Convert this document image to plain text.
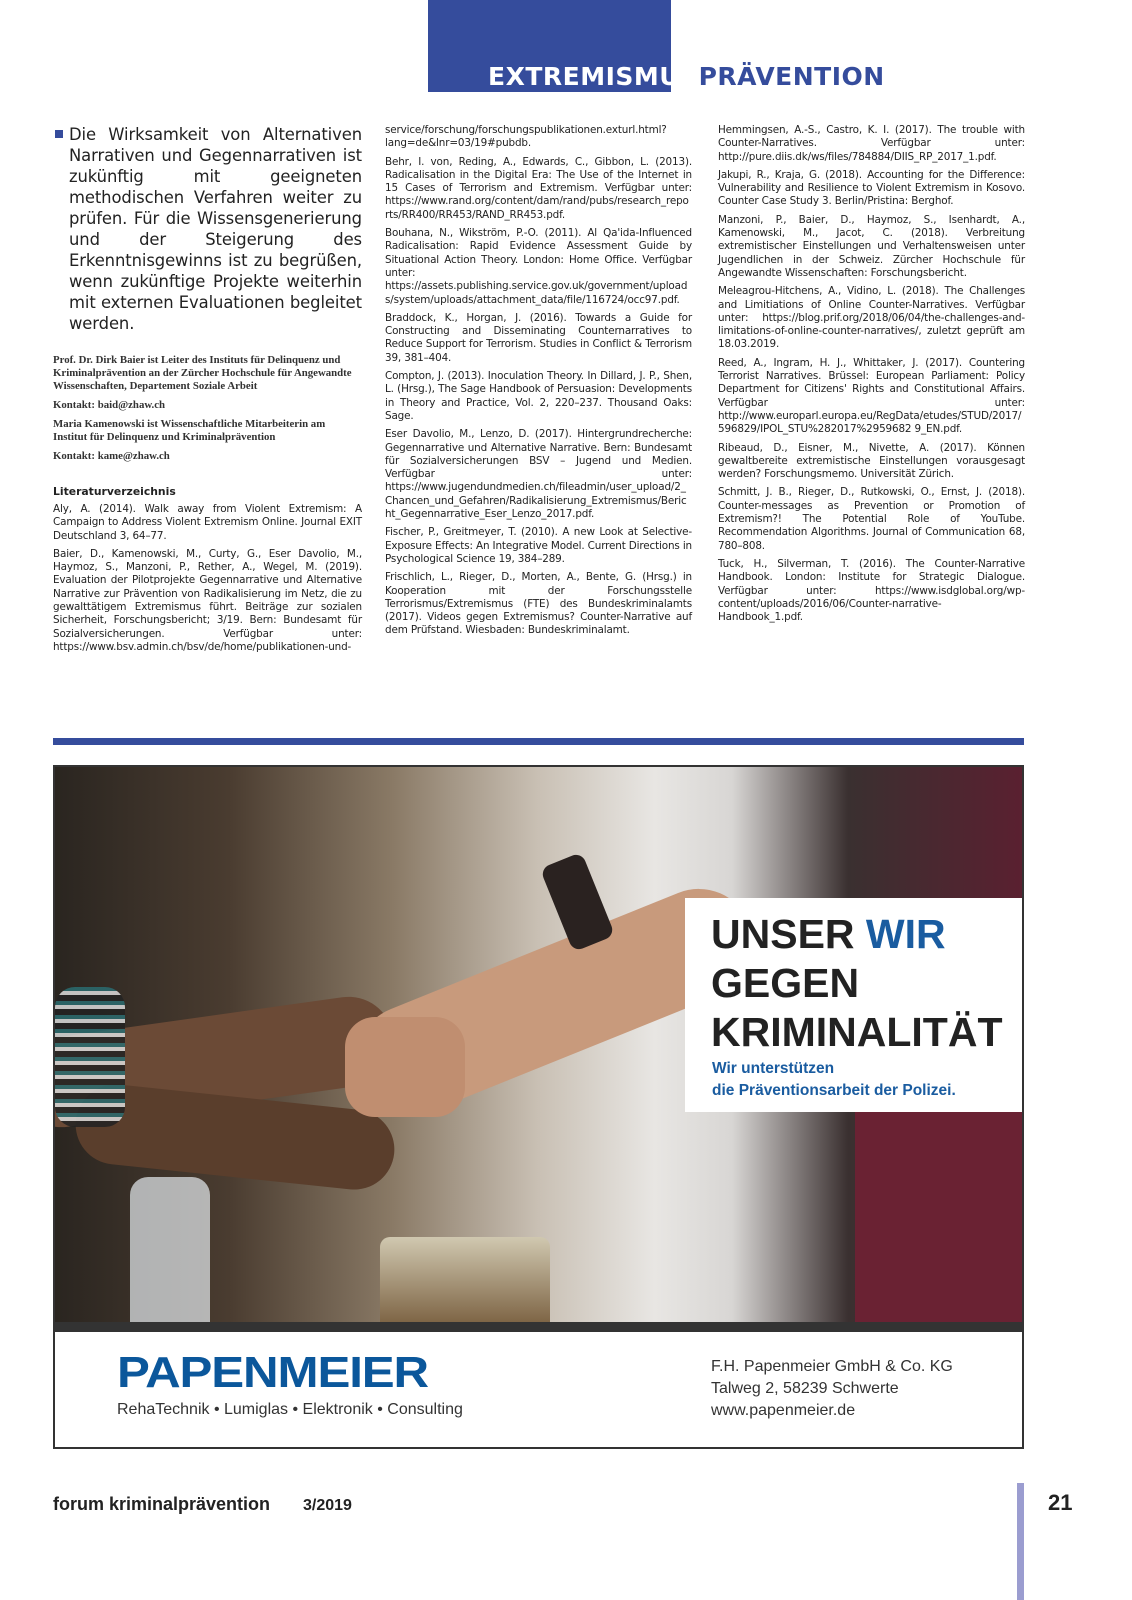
EXTREMISMUSPRÄVENTION
Die Wirksamkeit von Alternativen Narrativen und Gegennarrativen ist zukünftig mit geeigneten methodischen Verfahren weiter zu prüfen. Für die Wissensgenerierung und der Steigerung des Erkenntnisgewinns ist zu begrüßen, wenn zukünftige Projekte weiterhin mit externen Evaluationen begleitet werden.
Prof. Dr. Dirk Baier ist Leiter des Instituts für Delinquenz und Kriminalprävention an der Zürcher Hochschule für Angewandte Wissenschaften, Departement Soziale Arbeit
Kontakt: baid@zhaw.ch
Maria Kamenowski ist Wissenschaftliche Mitarbeiterin am Institut für Delinquenz und Kriminalprävention
Kontakt: kame@zhaw.ch
Literaturverzeichnis
Aly, A. (2014). Walk away from Violent Extremism: A Campaign to Address Violent Extremism Online. Journal EXIT Deutschland 3, 64–77.
Baier, D., Kamenowski, M., Curty, G., Eser Davolio, M., Haymoz, S., Manzoni, P., Rether, A., Wegel, M. (2019). Evaluation der Pilotprojekte Gegennarrative und Alternative Narrative zur Prävention von Radikalisierung im Netz, die zu gewalttätigem Extremismus führt. Beiträge zur sozialen Sicherheit, Forschungsbericht; 3/19. Bern: Bundesamt für Sozialversicherungen. Verfügbar unter: https://www.bsv.admin.ch/bsv/de/home/publikationen-und-
service/forschung/forschungspublikationen.exturl.html?lang=de&lnr=03/19#pubdb.
Behr, I. von, Reding, A., Edwards, C., Gibbon, L. (2013). Radicalisation in the Digital Era: The Use of the Internet in 15 Cases of Terrorism and Extremism. Verfügbar unter: https://www.rand.org/content/dam/rand/pubs/research_reports/RR400/RR453/RAND_RR453.pdf.
Bouhana, N., Wikström, P.-O. (2011). Al Qa'ida-Influenced Radicalisation: Rapid Evidence Assessment Guide by Situational Action Theory. London: Home Office. Verfügbar unter: https://assets.publishing.service.gov.uk/government/uploads/system/uploads/attachment_data/file/116724/occ97.pdf.
Braddock, K., Horgan, J. (2016). Towards a Guide for Constructing and Disseminating Counternarratives to Reduce Support for Terrorism. Studies in Conflict & Terrorism 39, 381–404.
Compton, J. (2013). Inoculation Theory. In Dillard, J. P., Shen, L. (Hrsg.), The Sage Handbook of Persuasion: Developments in Theory and Practice, Vol. 2, 220–237. Thousand Oaks: Sage.
Eser Davolio, M., Lenzo, D. (2017). Hintergrundrecherche: Gegennarrative und Alternative Narrative. Bern: Bundesamt für Sozialversicherungen BSV – Jugend und Medien. Verfügbar unter: https://www.jugendundmedien.ch/fileadmin/user_upload/2_Chancen_und_Gefahren/Radikalisierung_Extremismus/Bericht_Gegennarrative_Eser_Lenzo_2017.pdf.
Fischer, P., Greitmeyer, T. (2010). A new Look at Selective-Exposure Effects: An Integrative Model. Current Directions in Psychological Science 19, 384–289.
Frischlich, L., Rieger, D., Morten, A., Bente, G. (Hrsg.) in Kooperation mit der Forschungsstelle Terrorismus/Extremismus (FTE) des Bundeskriminalamts (2017). Videos gegen Extremismus? Counter-Narrative auf dem Prüfstand. Wiesbaden: Bundeskriminalamt.
Hemmingsen, A.-S., Castro, K. I. (2017). The trouble with Counter-Narratives. Verfügbar unter: http://pure.diis.dk/ws/files/784884/DIIS_RP_2017_1.pdf.
Jakupi, R., Kraja, G. (2018). Accounting for the Difference: Vulnerability and Resilience to Violent Extremism in Kosovo. Counter Case Study 3. Berlin/Pristina: Berghof.
Manzoni, P., Baier, D., Haymoz, S., Isenhardt, A., Kamenowski, M., Jacot, C. (2018). Verbreitung extremistischer Einstellungen und Verhaltensweisen unter Jugendlichen in der Schweiz. Zürcher Hochschule für Angewandte Wissenschaften: Forschungsbericht.
Meleagrou-Hitchens, A., Vidino, L. (2018). The Challenges and Limitiations of Online Counter-Narratives. Verfügbar unter: https://blog.prif.org/2018/06/04/the-challenges-and-limitations-of-online-counter-narratives/, zuletzt geprüft am 18.03.2019.
Reed, A., Ingram, H. J., Whittaker, J. (2017). Countering Terrorist Narratives. Brüssel: European Parliament: Policy Department for Citizens' Rights and Constitutional Affairs. Verfügbar unter: http://www.europarl.europa.eu/RegData/etudes/STUD/2017/596829/IPOL_STU%282017%2959682 9_EN.pdf.
Ribeaud, D., Eisner, M., Nivette, A. (2017). Können gewaltbereite extremistische Einstellungen vorausgesagt werden? Forschungsmemo. Universität Zürich.
Schmitt, J. B., Rieger, D., Rutkowski, O., Ernst, J. (2018). Counter-messages as Prevention or Promotion of Extremism?! The Potential Role of YouTube. Recommendation Algorithms. Journal of Communication 68, 780–808.
Tuck, H., Silverman, T. (2016). The Counter-Narrative Handbook. London: Institute for Strategic Dialogue. Verfügbar unter: https://www.isdglobal.org/wp-content/uploads/2016/06/Counter-narrative-Handbook_1.pdf.
UNSER WIR
GEGEN
KRIMINALITÄT
Wir unterstützen
die Präventionsarbeit der Polizei.
PAPENMEIER
RehaTechnik • Lumiglas • Elektronik • Consulting
F.H. Papenmeier GmbH & Co. KG
Talweg 2, 58239 Schwerte
www.papenmeier.de
forum kriminalprävention 3/2019	21
